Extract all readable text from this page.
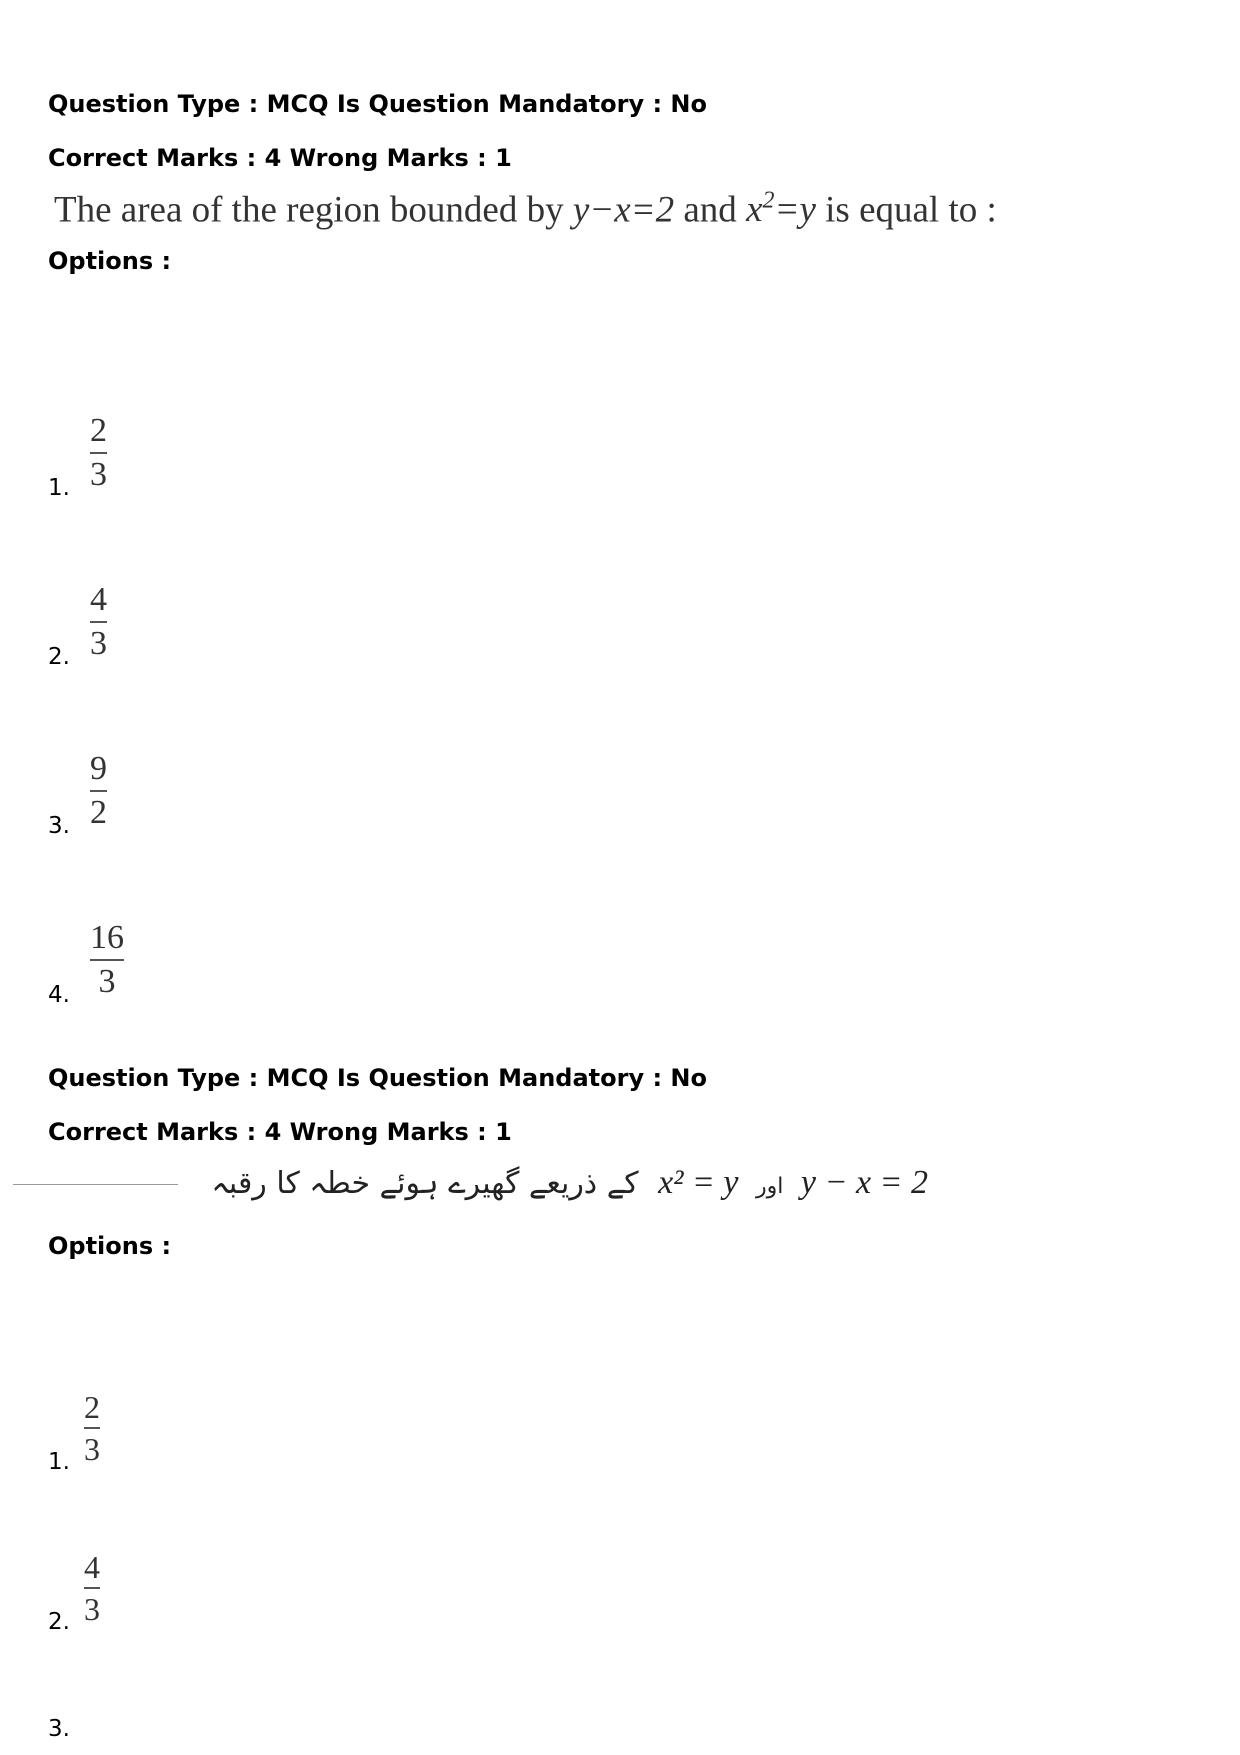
Question Type : MCQ Is Question Mandatory : No

Correct Marks : 4 Wrong Marks : 1

The area of the region bounded by y−x=2 and $x^2=y$ is equal to :

Options :

1.
2
3
2.
4
3
3.
9
2
4.
16
3

Question Type : MCQ Is Question Mandatory : No

Correct Marks : 4 Wrong Marks : 1

y − x = 2 اور x² = y کے ذریعے گھیرے ہوئے خطہ کا رقبہ

Options :

1.
2
3
2.
4
3
3.
